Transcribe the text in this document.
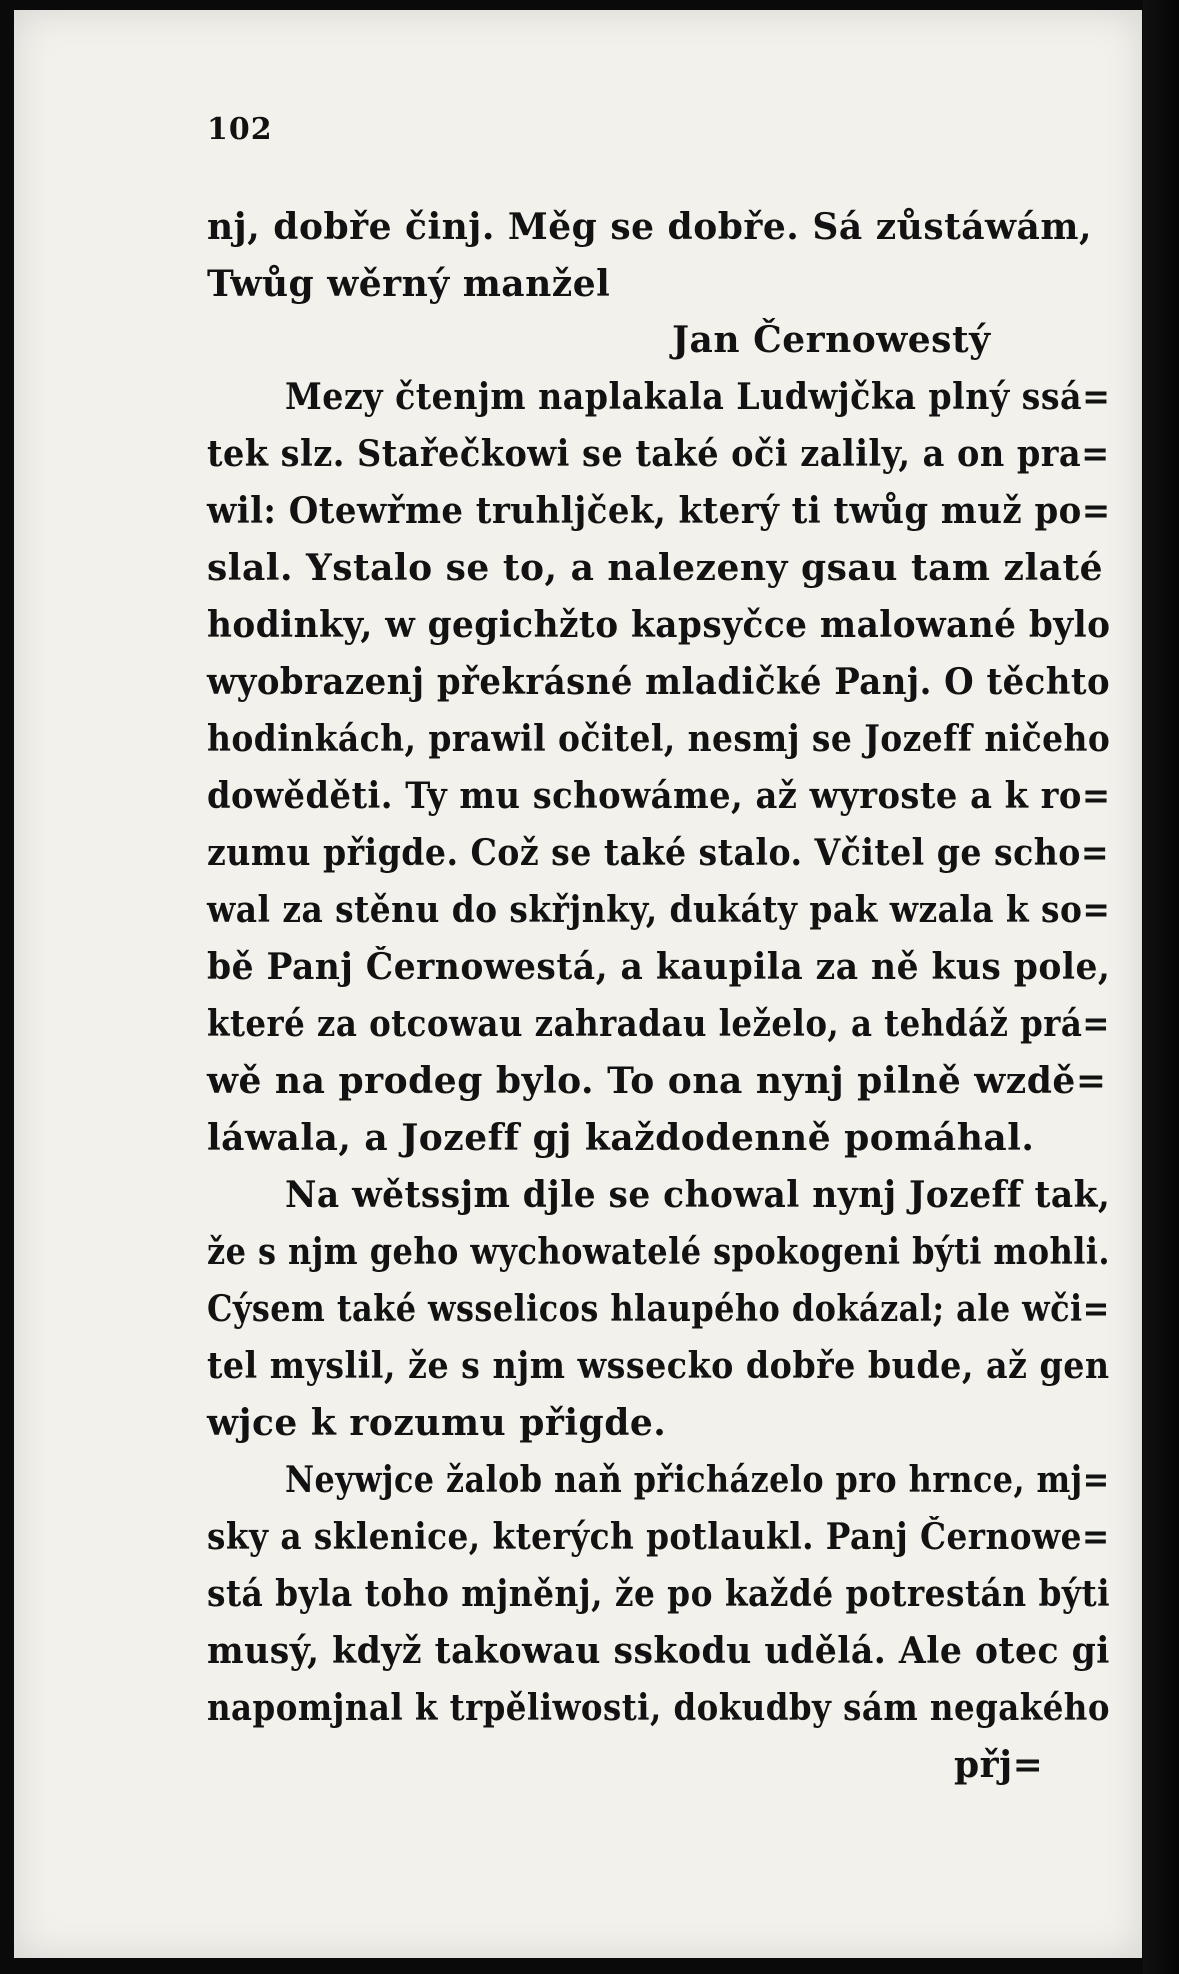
102
nj, dobře činj. Měg se dobře. Sá zůstáwám,
Twůg wěrný manžel
Jan Černowestý
Mezy čtenjm naplakala Ludwjčka plný ssá=
tek slz. Stařečkowi se také oči zalily, a on pra=
wil: Otewřme truhljček, který ti twůg muž po=
slal. Ystalo se to, a nalezeny gsau tam zlaté
hodinky, w gegichžto kapsyčce malowané bylo
wyobrazenj překrásné mladičké Panj. O těchto
hodinkách, prawil očitel, nesmj se Jozeff ničeho
dowěděti. Ty mu schowáme, až wyroste a k ro=
zumu přigde. Což se také stalo. Včitel ge scho=
wal za stěnu do skřjnky, dukáty pak wzala k so=
bě Panj Černowestá, a kaupila za ně kus pole,
které za otcowau zahradau leželo, a tehdáž prá=
wě na prodeg bylo. To ona nynj pilně wzdě=
láwala, a Jozeff gj každodenně pomáhal.
Na wětssjm djle se chowal nynj Jozeff tak,
že s njm geho wychowatelé spokogeni býti mohli.
Cýsem také wsselicos hlaupého dokázal; ale wči=
tel myslil, že s njm wssecko dobře bude, až gen
wjce k rozumu přigde.
Neywjce žalob naň přicházelo pro hrnce, mj=
sky a sklenice, kterých potlaukl. Panj Černowe=
stá byla toho mjněnj, že po každé potrestán býti
musý, když takowau sskodu udělá. Ale otec gi
napomjnal k trpěliwosti, dokudby sám negakého
přj=
